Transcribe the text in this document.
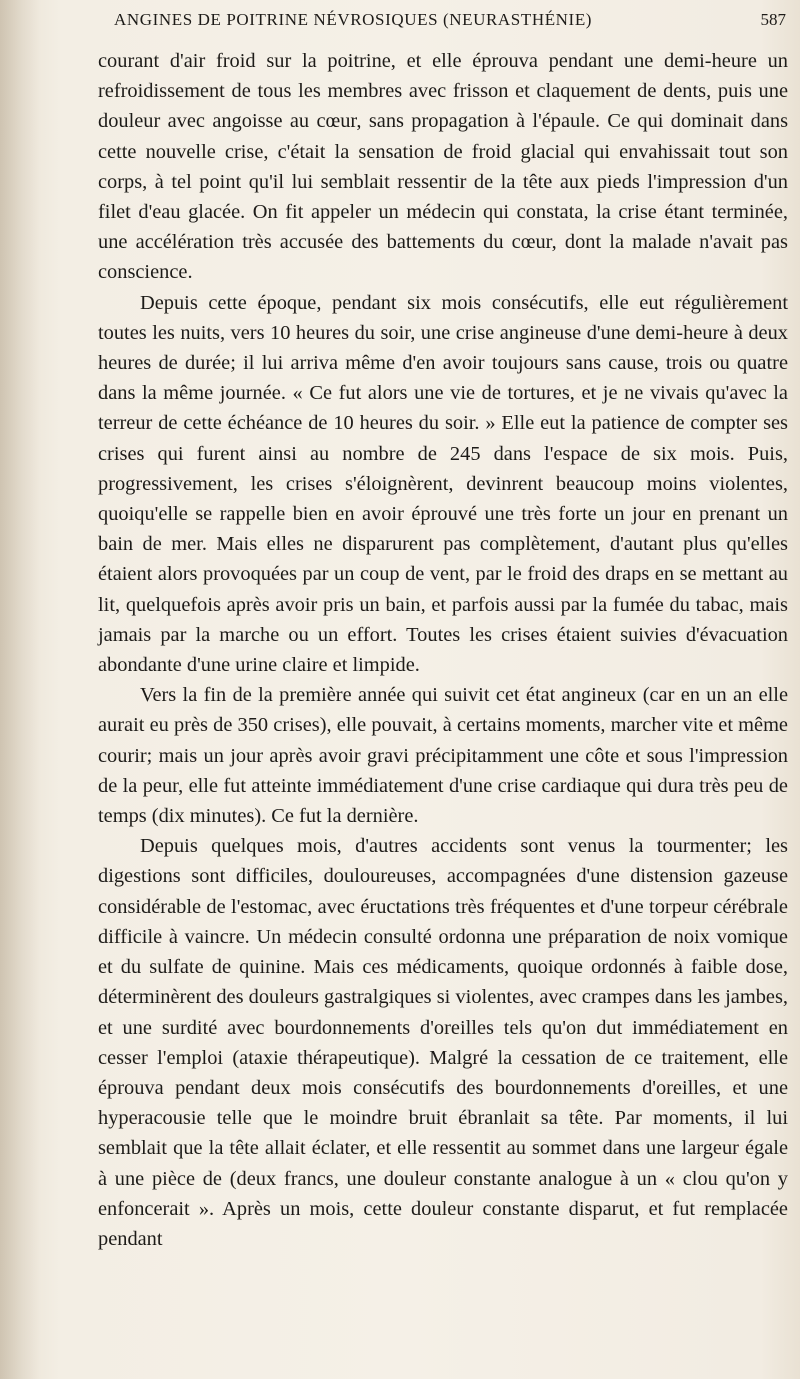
ANGINES DE POITRINE NÉVROSIQUES (NEURASTHÉNIE)	587

courant d'air froid sur la poitrine, et elle éprouva pendant une demi-heure un refroidissement de tous les membres avec frisson et claquement de dents, puis une douleur avec angoisse au cœur, sans propagation à l'épaule. Ce qui dominait dans cette nouvelle crise, c'était la sensation de froid glacial qui envahissait tout son corps, à tel point qu'il lui semblait ressentir de la tête aux pieds l'impression d'un filet d'eau glacée. On fit appeler un médecin qui constata, la crise étant terminée, une accélération très accusée des battements du cœur, dont la malade n'avait pas conscience.

Depuis cette époque, pendant six mois consécutifs, elle eut régulièrement toutes les nuits, vers 10 heures du soir, une crise angineuse d'une demi-heure à deux heures de durée; il lui arriva même d'en avoir toujours sans cause, trois ou quatre dans la même journée. « Ce fut alors une vie de tortures, et je ne vivais qu'avec la terreur de cette échéance de 10 heures du soir. » Elle eut la patience de compter ses crises qui furent ainsi au nombre de 245 dans l'espace de six mois. Puis, progressivement, les crises s'éloignèrent, devinrent beaucoup moins violentes, quoiqu'elle se rappelle bien en avoir éprouvé une très forte un jour en prenant un bain de mer. Mais elles ne disparurent pas complètement, d'autant plus qu'elles étaient alors provoquées par un coup de vent, par le froid des draps en se mettant au lit, quelquefois après avoir pris un bain, et parfois aussi par la fumée du tabac, mais jamais par la marche ou un effort. Toutes les crises étaient suivies d'évacuation abondante d'une urine claire et limpide.

Vers la fin de la première année qui suivit cet état angineux (car en un an elle aurait eu près de 350 crises), elle pouvait, à certains moments, marcher vite et même courir; mais un jour après avoir gravi précipitamment une côte et sous l'impression de la peur, elle fut atteinte immédiatement d'une crise cardiaque qui dura très peu de temps (dix minutes). Ce fut la dernière.

Depuis quelques mois, d'autres accidents sont venus la tourmenter; les digestions sont difficiles, douloureuses, accompagnées d'une distension gazeuse considérable de l'estomac, avec éructations très fréquentes et d'une torpeur cérébrale difficile à vaincre. Un médecin consulté ordonna une préparation de noix vomique et du sulfate de quinine. Mais ces médicaments, quoique ordonnés à faible dose, déterminèrent des douleurs gastralgiques si violentes, avec crampes dans les jambes, et une surdité avec bourdonnements d'oreilles tels qu'on dut immédiatement en cesser l'emploi (ataxie thérapeutique). Malgré la cessation de ce traitement, elle éprouva pendant deux mois consécutifs des bourdonnements d'oreilles, et une hyperacousie telle que le moindre bruit ébranlait sa tête. Par moments, il lui semblait que la tête allait éclater, et elle ressentit au sommet dans une largeur égale à une pièce de (deux francs, une douleur constante analogue à un « clou qu'on y enfoncerait ». Après un mois, cette douleur constante disparut, et fut remplacée pendant
